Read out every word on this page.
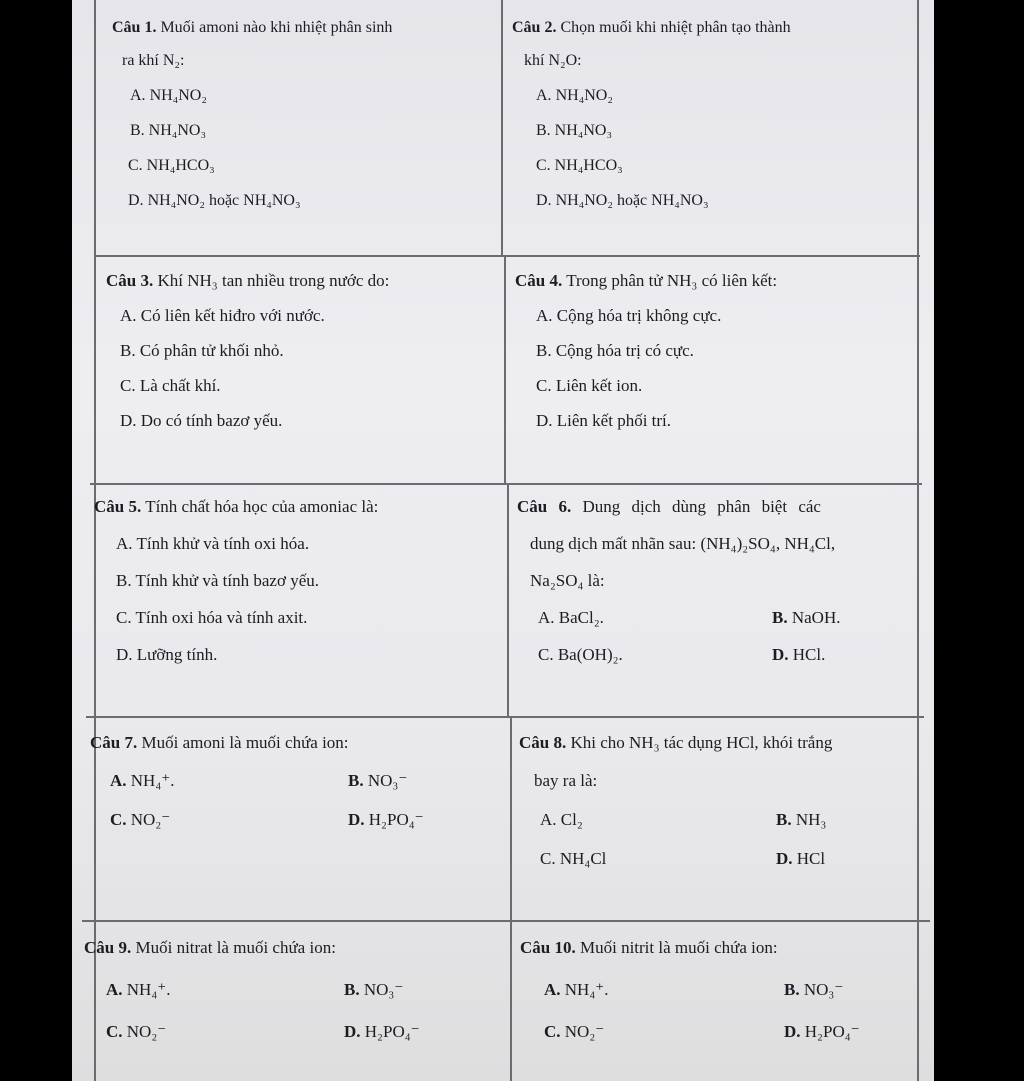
Câu 1. Muối amoni nào khi nhiệt phân sinh
ra khí N₂:
A. NH₄NO₂
B. NH₄NO₃
C. NH₄HCO₃
D. NH₄NO₂ hoặc NH₄NO₃
Câu 2. Chọn muối khi nhiệt phân tạo thành
khí N₂O:
A. NH₄NO₂
B. NH₄NO₃
C. NH₄HCO₃
D. NH₄NO₂ hoặc NH₄NO₃
Câu 3. Khí NH₃ tan nhiều trong nước do:
A. Có liên kết hiđro với nước.
B. Có phân tử khối nhỏ.
C. Là chất khí.
D. Do có tính bazơ yếu.
Câu 4. Trong phân tử NH₃ có liên kết:
A. Cộng hóa trị không cực.
B. Cộng hóa trị có cực.
C. Liên kết ion.
D. Liên kết phối trí.
Câu 5. Tính chất hóa học của amoniac là:
A. Tính khử và tính oxi hóa.
B. Tính khử và tính bazơ yếu.
C. Tính oxi hóa và tính axit.
D. Lưỡng tính.
Câu 6. Dung dịch dùng phân biệt các
dung dịch mất nhãn sau: (NH₄)₂SO₄, NH₄Cl,
Na₂SO₄ là:
A. BaCl₂.	B. NaOH.
C. Ba(OH)₂.	D. HCl.
Câu 7. Muối amoni là muối chứa ion:
A. NH₄⁺.	B. NO₃⁻
C. NO₂⁻	D. H₂PO₄⁻
Câu 8. Khi cho NH₃ tác dụng HCl, khói trắng
bay ra là:
A. Cl₂	B. NH₃
C. NH₄Cl	D. HCl
Câu 9. Muối nitrat là muối chứa ion:
A. NH₄⁺.	B. NO₃⁻
C. NO₂⁻	D. H₂PO₄⁻
Câu 10. Muối nitrit là muối chứa ion:
A. NH₄⁺.	B. NO₃⁻
C. NO₂⁻	D. H₂PO₄⁻
